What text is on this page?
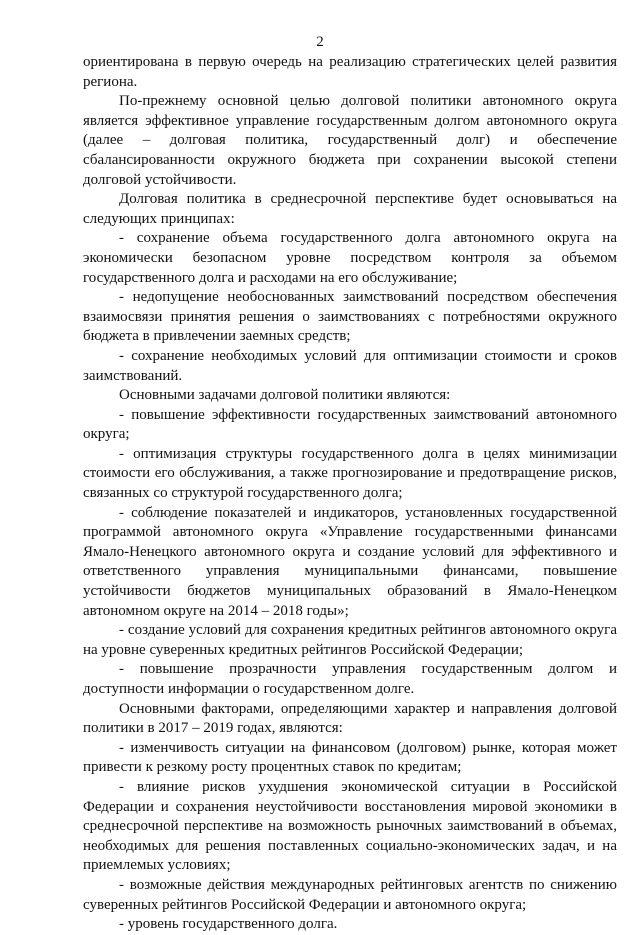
2

ориентирована в первую очередь на реализацию стратегических целей развития региона.

По-прежнему основной целью долговой политики автономного округа является эффективное управление государственным долгом автономного округа (далее – долговая политика, государственный долг) и обеспечение сбалансированности окружного бюджета при сохранении высокой степени долговой устойчивости.

Долговая политика в среднесрочной перспективе будет основываться на следующих принципах:

- сохранение объема государственного долга автономного округа на экономически безопасном уровне посредством контроля за объемом государственного долга и расходами на его обслуживание;

- недопущение необоснованных заимствований посредством обеспечения взаимосвязи принятия решения о заимствованиях с потребностями окружного бюджета в привлечении заемных средств;

- сохранение необходимых условий для оптимизации стоимости и сроков заимствований.

Основными задачами долговой политики являются:

- повышение эффективности государственных заимствований автономного округа;

- оптимизация структуры государственного долга в целях минимизации стоимости его обслуживания, а также прогнозирование и предотвращение рисков, связанных со структурой государственного долга;

- соблюдение показателей и индикаторов, установленных государственной программой автономного округа «Управление государственными финансами Ямало-Ненецкого автономного округа и создание условий для эффективного и ответственного управления муниципальными финансами, повышение устойчивости бюджетов муниципальных образований в Ямало-Ненецком автономном округе на 2014 – 2018 годы»;

- создание условий для сохранения кредитных рейтингов автономного округа на уровне суверенных кредитных рейтингов Российской Федерации;

- повышение прозрачности управления государственным долгом и доступности информации о государственном долге.

Основными факторами, определяющими характер и направления долговой политики в 2017 – 2019 годах, являются:

- изменчивость ситуации на финансовом (долговом) рынке, которая может привести к резкому росту процентных ставок по кредитам;

- влияние рисков ухудшения экономической ситуации в Российской Федерации и сохранения неустойчивости восстановления мировой экономики в среднесрочной перспективе на возможность рыночных заимствований в объемах, необходимых для решения поставленных социально-экономических задач, и на приемлемых условиях;

- возможные действия международных рейтинговых агентств по снижению суверенных рейтингов Российской Федерации и автономного округа;

- уровень государственного долга.
